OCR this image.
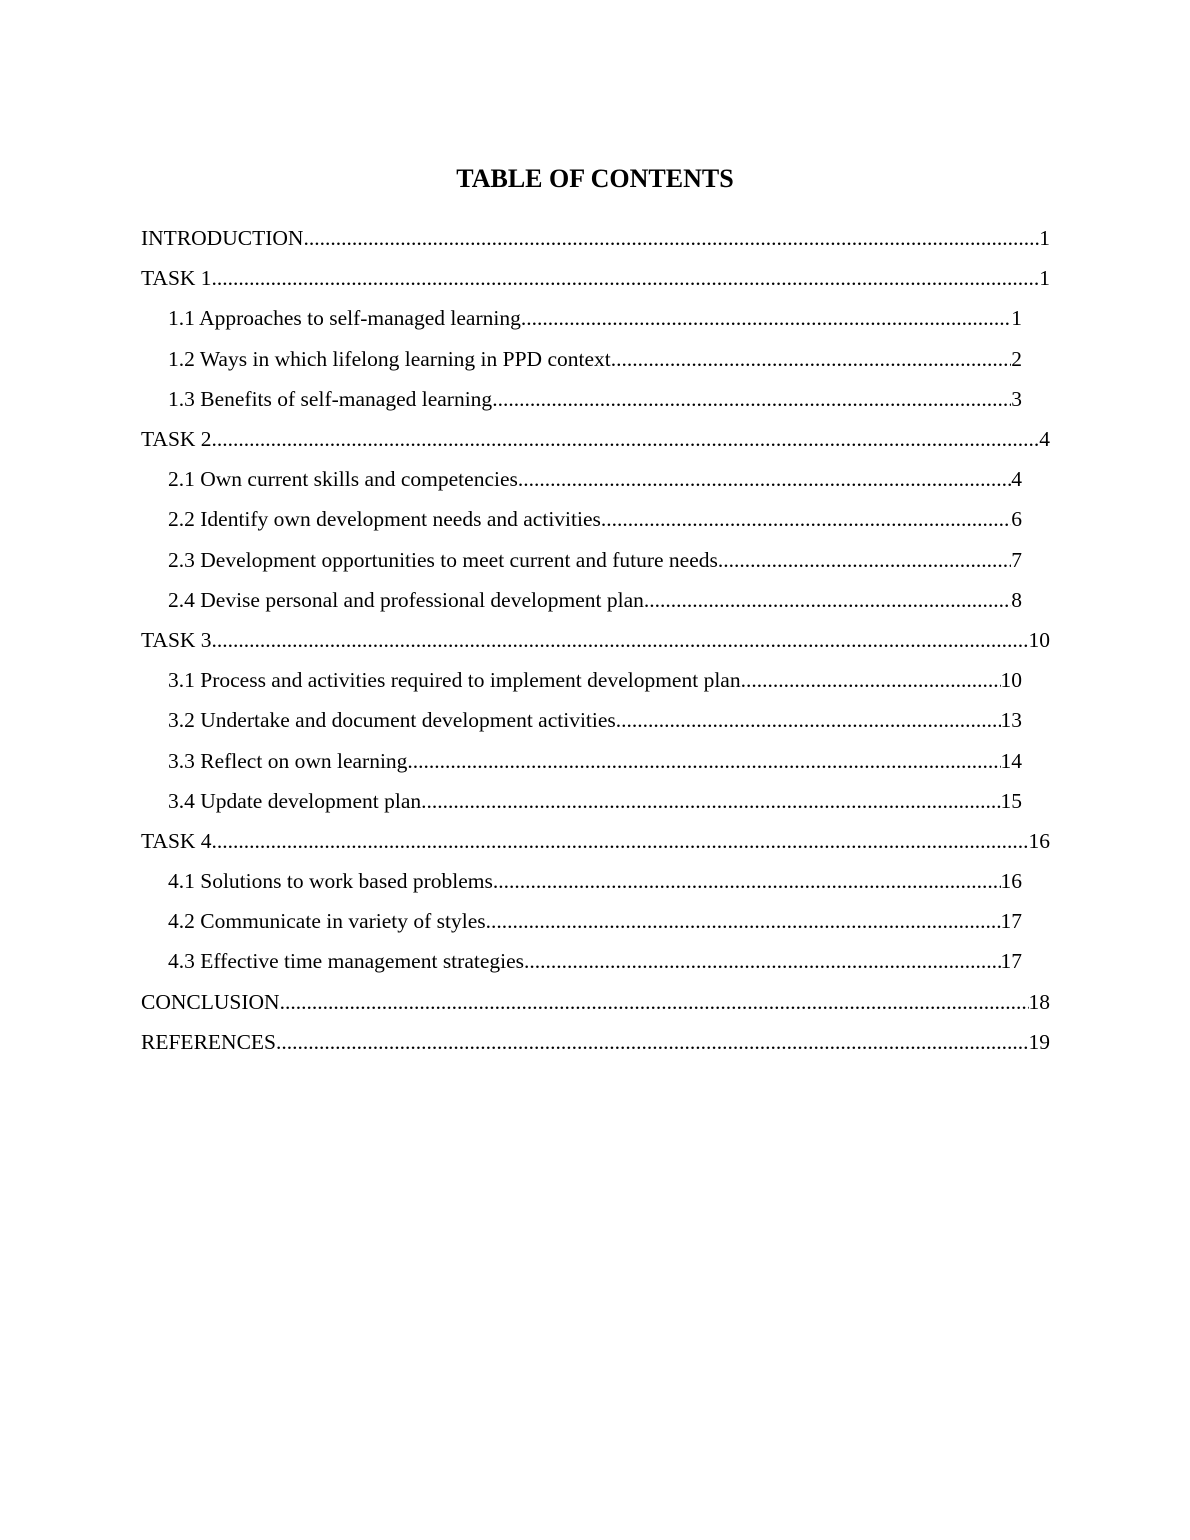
TABLE OF CONTENTS
INTRODUCTION .....	1
TASK 1 .....	1
1.1 Approaches to self-managed learning .....	1
1.2 Ways in which lifelong learning in PPD context .....	2
1.3 Benefits of self-managed learning .....	3
TASK 2 .....	4
2.1 Own current skills and competencies .....	4
2.2 Identify own development needs and activities .....	6
2.3 Development opportunities to meet current and future needs .....	7
2.4 Devise personal and professional development plan .....	8
TASK 3 .....	10
3.1 Process and activities required to implement development plan .....	10
3.2 Undertake and document development activities .....	13
3.3 Reflect on own learning .....	14
3.4 Update development plan .....	15
TASK 4 .....	16
4.1 Solutions to work based problems .....	16
4.2 Communicate in variety of styles .....	17
4.3 Effective time management strategies .....	17
CONCLUSION .....	18
REFERENCES .....	19
